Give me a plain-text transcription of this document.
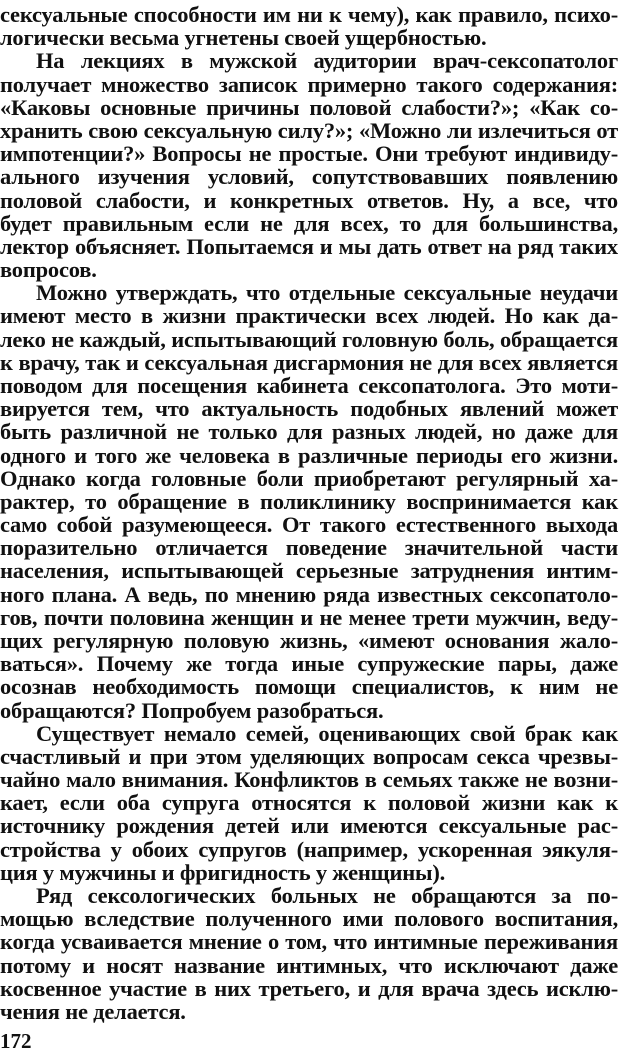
сексуальные способности им ни к чему), как правило, психо-
логически весьма угнетены своей ущербностью.
На лекциях в мужской аудитории врач-сексопатолог
получает множество записок примерно такого содержания:
«Каковы основные причины половой слабости?»; «Как со-
хранить свою сексуальную силу?»; «Можно ли излечиться от
импотенции?» Вопросы не простые. Они требуют индивиду-
ального изучения условий, сопутствовавших появлению
половой слабости, и конкретных ответов. Ну, а все, что
будет правильным если не для всех, то для большинства,
лектор объясняет. Попытаемся и мы дать ответ на ряд таких
вопросов.
Можно утверждать, что отдельные сексуальные неудачи
имеют место в жизни практически всех людей. Но как да-
леко не каждый, испытывающий головную боль, обращается
к врачу, так и сексуальная дисгармония не для всех является
поводом для посещения кабинета сексопатолога. Это моти-
вируется тем, что актуальность подобных явлений может
быть различной не только для разных людей, но даже для
одного и того же человека в различные периоды его жизни.
Однако когда головные боли приобретают регулярный ха-
рактер, то обращение в поликлинику воспринимается как
само собой разумеющееся. От такого естественного выхода
поразительно отличается поведение значительной части
населения, испытывающей серьезные затруднения интим-
ного плана. А ведь, по мнению ряда известных сексопатоло-
гов, почти половина женщин и не менее трети мужчин, веду-
щих регулярную половую жизнь, «имеют основания жало-
ваться». Почему же тогда иные супружеские пары, даже
осознав необходимость помощи специалистов, к ним не
обращаются? Попробуем разобраться.
Существует немало семей, оценивающих свой брак как
счастливый и при этом уделяющих вопросам секса чрезвы-
чайно мало внимания. Конфликтов в семьях также не возни-
кает, если оба супруга относятся к половой жизни как к
источнику рождения детей или имеются сексуальные рас-
стройства у обоих супругов (например, ускоренная эякуля-
ция у мужчины и фригидность у женщины).
Ряд сексологических больных не обращаются за по-
мощью вследствие полученного ими полового воспитания,
когда усваивается мнение о том, что интимные переживания
потому и носят название интимных, что исключают даже
косвенное участие в них третьего, и для врача здесь исклю-
чения не делается.
172
